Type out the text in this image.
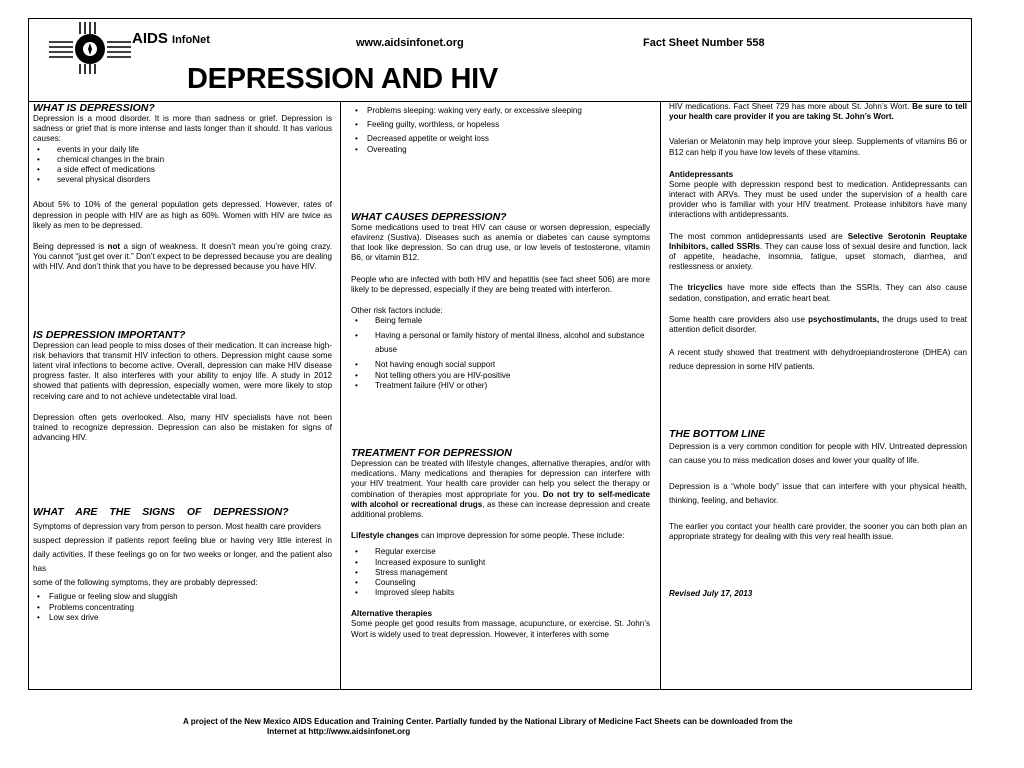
AIDS InfoNet	www.aidsinfonet.org	Fact Sheet Number 558
DEPRESSION AND HIV
WHAT IS DEPRESSION?

Depression is a mood disorder. It is more than sadness or grief. Depression is sadness or grief that is more intense and lasts longer than it should. It has various causes:

• events in your daily life
• chemical changes in the brain
• a side effect of medications
• several physical disorders

About 5% to 10% of the general population gets depressed. However, rates of depression in people with HIV are as high as 60%. Women with HIV are twice as likely as men to be depressed.

Being depressed is not a sign of weakness. It doesn’t mean you’re going crazy. You cannot “just get over it.” Don’t expect to be depressed because you are dealing with HIV. And don’t think that you have to be depressed because you have HIV.

IS DEPRESSION IMPORTANT?

Depression can lead people to miss doses of their medication. It can increase high-risk behaviors that transmit HIV infection to others. Depression might cause some latent viral infections to become active. Overall, depression can make HIV disease progress faster. It also interferes with your ability to enjoy life. A study in 2012 showed that patients with depression, especially women, were more likely to stop receiving care and to not achieve undetectable viral load.

Depression often gets overlooked. Also, many HIV specialists have not been trained to recognize depression. Depression can also be mistaken for signs of advancing HIV.

WHAT ARE THE SIGNS OF DEPRESSION?

Symptoms of depression vary from person to person. Most health care providers

suspect depression if patients report feeling blue or having very little interest in daily activities. If these feelings go on for two weeks or longer, and the patient also has

some of the following symptoms, they are probably depressed:

• Fatigue or feeling slow and sluggish
• Problems concentrating
• Low sex drive
• Problems sleeping: waking very early, or excessive sleeping
• Feeling guilty, worthless, or hopeless
• Decreased appetite or weight loss
• Overeating
WHAT CAUSES DEPRESSION?

Some medications used to treat HIV can cause or worsen depression, especially efavirenz (Sustiva). Diseases such as anemia or diabetes can cause symptoms that look like depression. So can drug use, or low levels of testosterone, vitamin B6, or vitamin B12.

People who are infected with both HIV and hepatitis (see fact sheet 506) are more likely to be depressed, especially if they are being treated with interferon.

Other risk factors include:

• Being female
• Having a personal or family history of mental illness, alcohol and substance abuse
• Not having enough social support
• Not telling others you are HIV-positive
• Treatment failure (HIV or other)
TREATMENT FOR DEPRESSION

Depression can be treated with lifestyle changes, alternative therapies, and/or with medications. Many medications and therapies for depression can interfere with your HIV treatment. Your health care provider can help you select the therapy or combination of therapies most appropriate for you. Do not try to self-medicate with alcohol or recreational drugs, as these can increase depression and create additional problems.

Lifestyle changes can improve depression for some people. These include:

• Regular exercise
• Increased exposure to sunlight
• Stress management
• Counseling
• Improved sleep habits
Alternative therapies

Some people get good results from massage, acupuncture, or exercise. St. John’s Wort is widely used to treat depression. However, it interferes with some

HIV medications. Fact Sheet 729 has more about St. John’s Wort. Be sure to tell your health care provider if you are taking St. John’s Wort.

Valerian or Melatonin may help improve your sleep. Supplements of vitamins B6 or B12 can help if you have low levels of these vitamins.

Antidepressants

Some people with depression respond best to medication. Antidepressants can interact with ARVs. They must be used under the supervision of a health care provider who is familiar with your HIV treatment. Protease inhibitors have many interactions with antidepressants.

The most common antidepressants used are Selective Serotonin Reuptake Inhibitors, called SSRIs. They can cause loss of sexual desire and function, lack of appetite, headache, insomnia, fatigue, upset stomach, diarrhea, and restlessness or anxiety.

The tricyclics have more side effects than the SSRIs. They can also cause sedation, constipation, and erratic heart beat.

Some health care providers also use psychostimulants, the drugs used to treat attention deficit disorder.

A recent study showed that treatment with dehydroepiandrosterone (DHEA) can reduce depression in some HIV patients.

THE BOTTOM LINE

Depression is a very common condition for people with HIV. Untreated depression can cause you to miss medication doses and lower your quality of life.

Depression is a “whole body” issue that can interfere with your physical health, thinking, feeling, and behavior.

The earlier you contact your health care provider, the sooner you can both plan an appropriate strategy for dealing with this very real health issue.

Revised July 17, 2013

A project of the New Mexico AIDS Education and Training Center. Partially funded by the National Library of Medicine Fact Sheets can be downloaded from the
Internet at http://www.aidsinfonet.org
